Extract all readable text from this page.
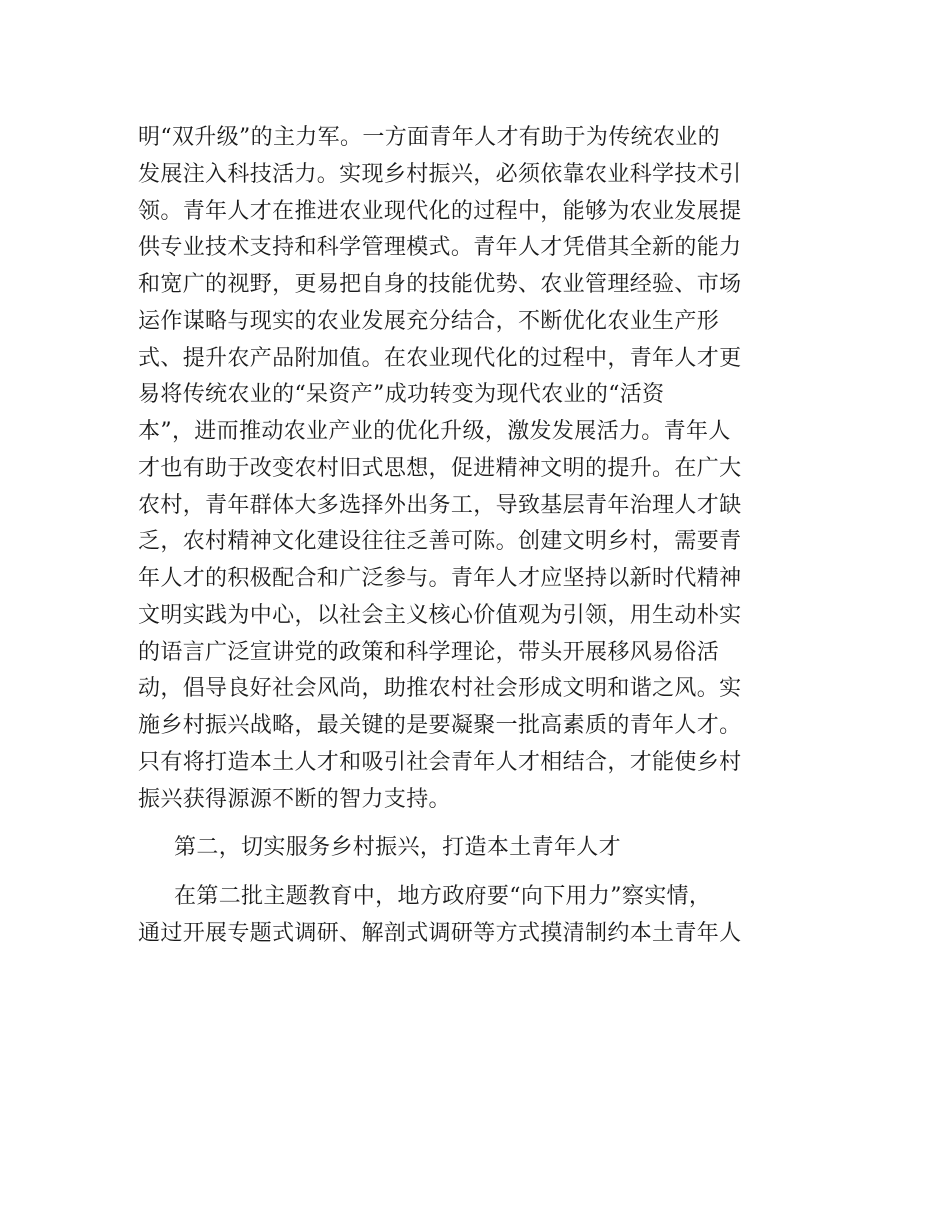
明“双升级”的主力军。一方面青年人才有助于为传统农业的
发展注入科技活力。实现乡村振兴，必须依靠农业科学技术引
领。青年人才在推进农业现代化的过程中，能够为农业发展提
供专业技术支持和科学管理模式。青年人才凭借其全新的能力
和宽广的视野，更易把自身的技能优势、农业管理经验、市场
运作谋略与现实的农业发展充分结合，不断优化农业生产形
式、提升农产品附加值。在农业现代化的过程中，青年人才更
易将传统农业的“呆资产”成功转变为现代农业的“活资
本”，进而推动农业产业的优化升级，激发发展活力。青年人
才也有助于改变农村旧式思想，促进精神文明的提升。在广大
农村，青年群体大多选择外出务工，导致基层青年治理人才缺
乏，农村精神文化建设往往乏善可陈。创建文明乡村，需要青
年人才的积极配合和广泛参与。青年人才应坚持以新时代精神
文明实践为中心，以社会主义核心价值观为引领，用生动朴实
的语言广泛宣讲党的政策和科学理论，带头开展移风易俗活
动，倡导良好社会风尚，助推农村社会形成文明和谐之风。实
施乡村振兴战略，最关键的是要凝聚一批高素质的青年人才。
只有将打造本土人才和吸引社会青年人才相结合，才能使乡村
振兴获得源源不断的智力支持。
第二，切实服务乡村振兴，打造本土青年人才
在第二批主题教育中，地方政府要“向下用力”察实情，
通过开展专题式调研、解剖式调研等方式摸清制约本土青年人
